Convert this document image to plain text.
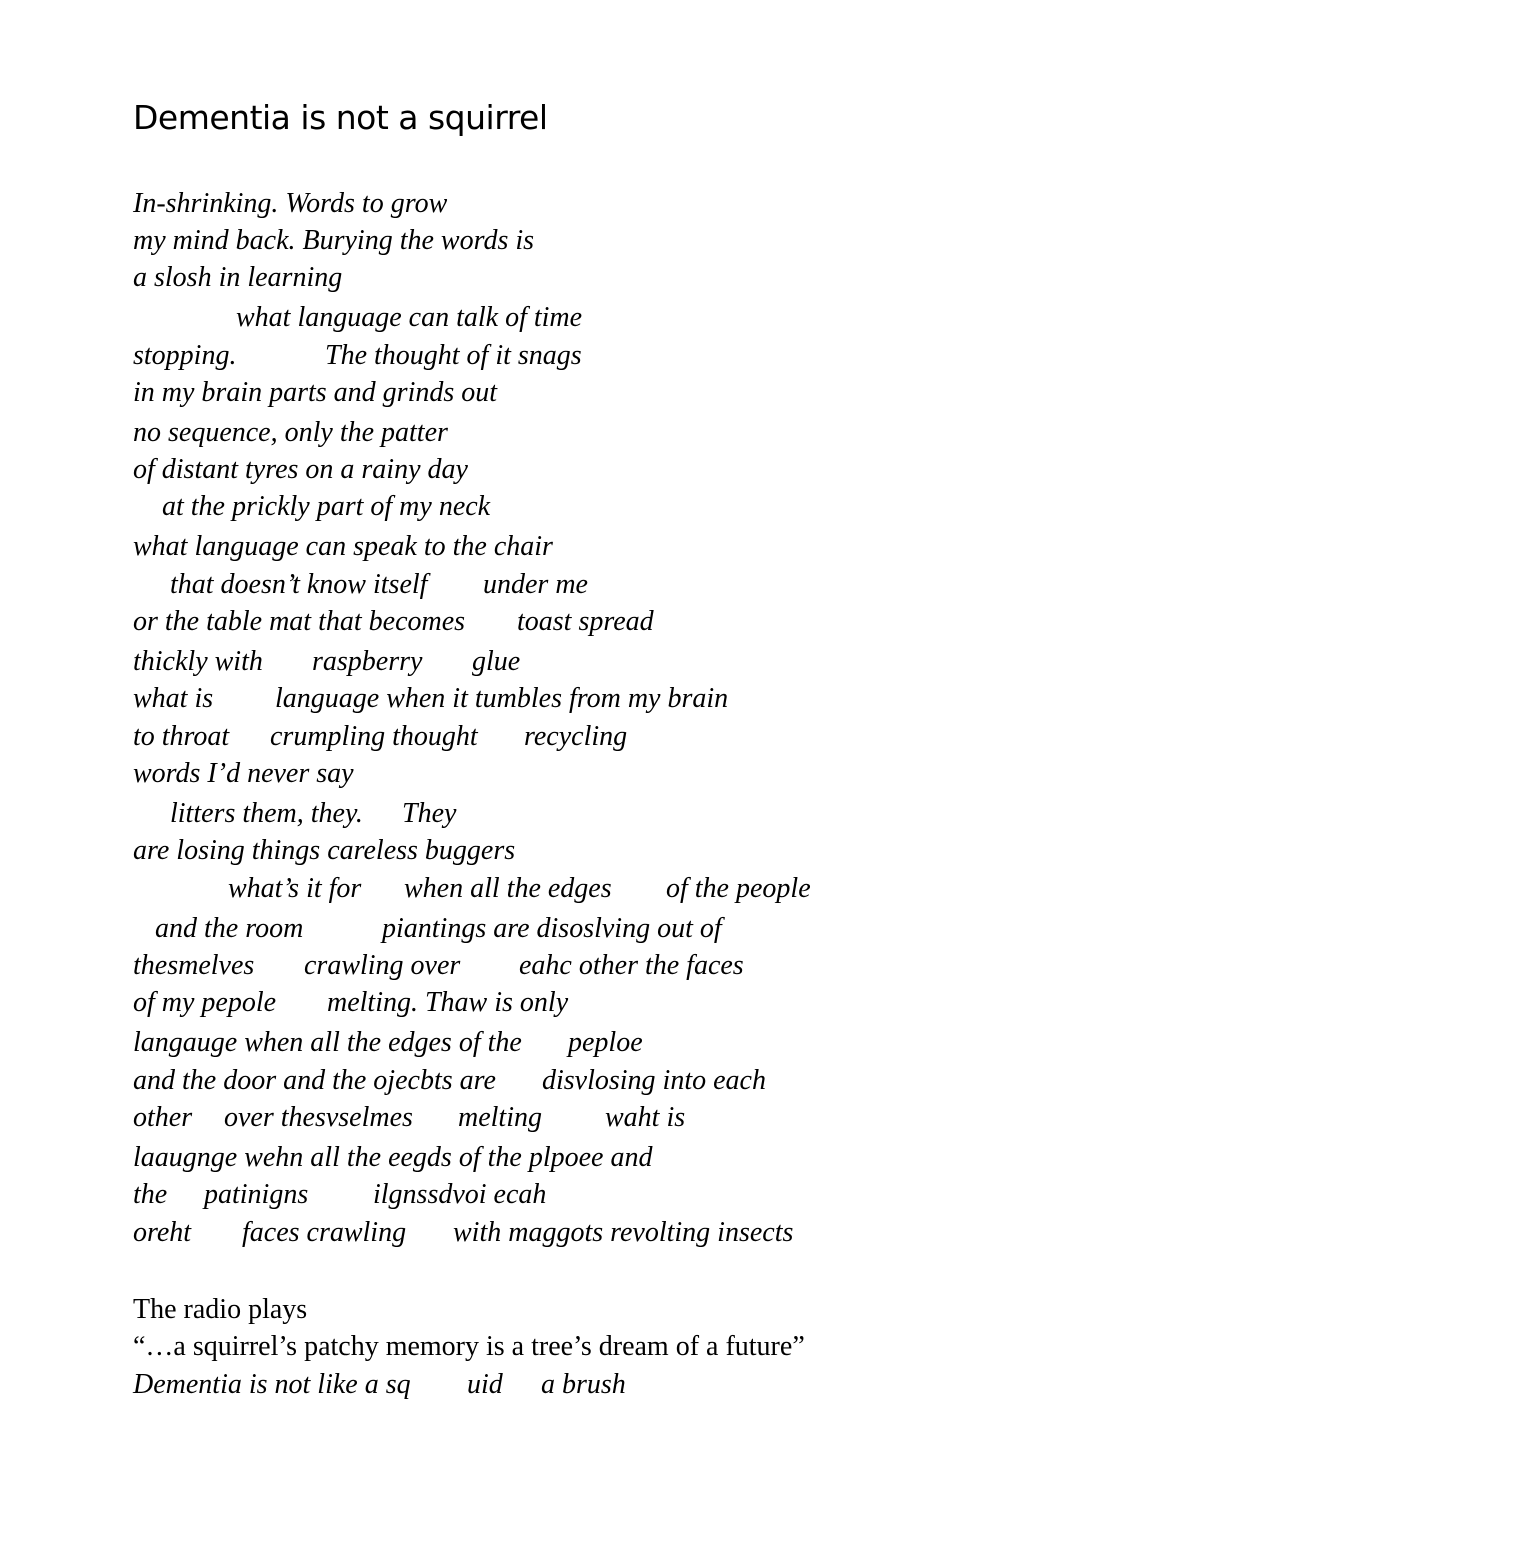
Dementia is not a squirrel
In-shrinking. Words to grow
my mind back. Burying the words is
a slosh in learning
what language can talk of time
stopping.	The thought of it snags
in my brain parts and grinds out
no sequence, only the patter
of distant tyres on a rainy day
at the prickly part of my neck
what language can speak to the chair
that doesn’t know itself under me
or the table mat that becomes toast spread
thickly with raspberry glue
what is language when it tumbles from my brain
to throat crumpling thought recycling
words I’d never say
litters them, they. They
are losing things careless buggers
what’s it for when all the edges of the people
and the room	piantings are disoslving out of
thesmelves crawling over eahc other the faces
of my pepole melting. Thaw is only
langauge when all the edges of the peploe
and the door and the ojecbts are disvlosing into each
other over thesvselmes melting waht is
laaugnge wehn all the eegds of the plpoee and
the patinigns ilgnssdvoi ecah
oreht faces crawling with maggots revolting insects
The radio plays
“…a squirrel’s patchy memory is a tree’s dream of a future”
Dementia is not like a sq uid a brush
